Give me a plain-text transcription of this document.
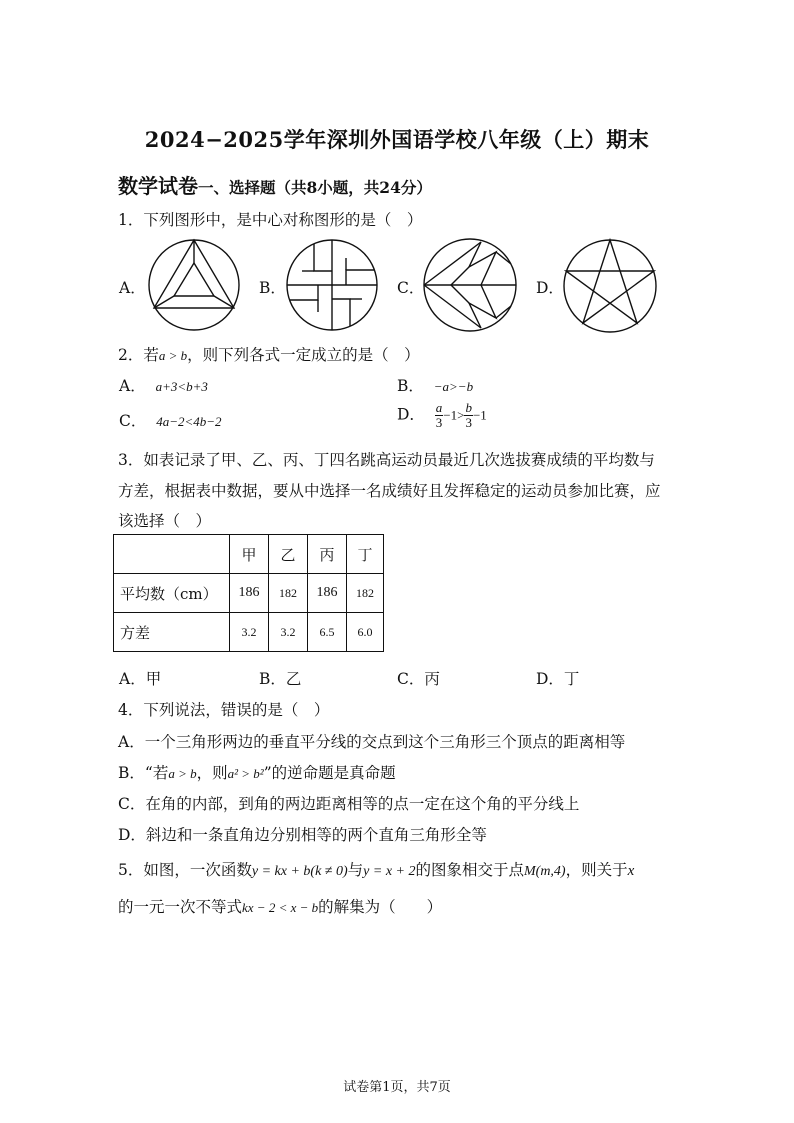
2024−2025学年深圳外国语学校八年级（上）期末
数学试卷一、选择题（共8小题，共24分）
1．下列图形中，是中心对称图形的是（　）
A．	B．	C．	D．
2．若a > b，则下列各式一定成立的是（　）
A． a+3<b+3	B． −a>−b
C． 4a−2<4b−2	D． $\frac{a}{3} -1> \frac{b}{3} -1$
3．如表记录了甲、乙、丙、丁四名跳高运动员最近几次选拔赛成绩的平均数与
方差，根据表中数据，要从中选择一名成绩好且发挥稳定的运动员参加比赛，应
该选择（　）
	甲	乙	丙	丁
平均数（cm）	186	182	186	182
方差	3.2	3.2	6.5	6.0
A．甲	B．乙	C．丙	D．丁
4．下列说法，错误的是（　）
A．一个三角形两边的垂直平分线的交点到这个三角形三个顶点的距离相等
B．“若a > b，则a² > b²”的逆命题是真命题
C．在角的内部，到角的两边距离相等的点一定在这个角的平分线上
D．斜边和一条直角边分别相等的两个直角三角形全等
5．如图，一次函数y = kx + b(k ≠ 0)与y = x + 2的图象相交于点M(m,4)，则关于x
的一元一次不等式kx − 2 < x − b的解集为（　　）
试卷第1页，共7页
